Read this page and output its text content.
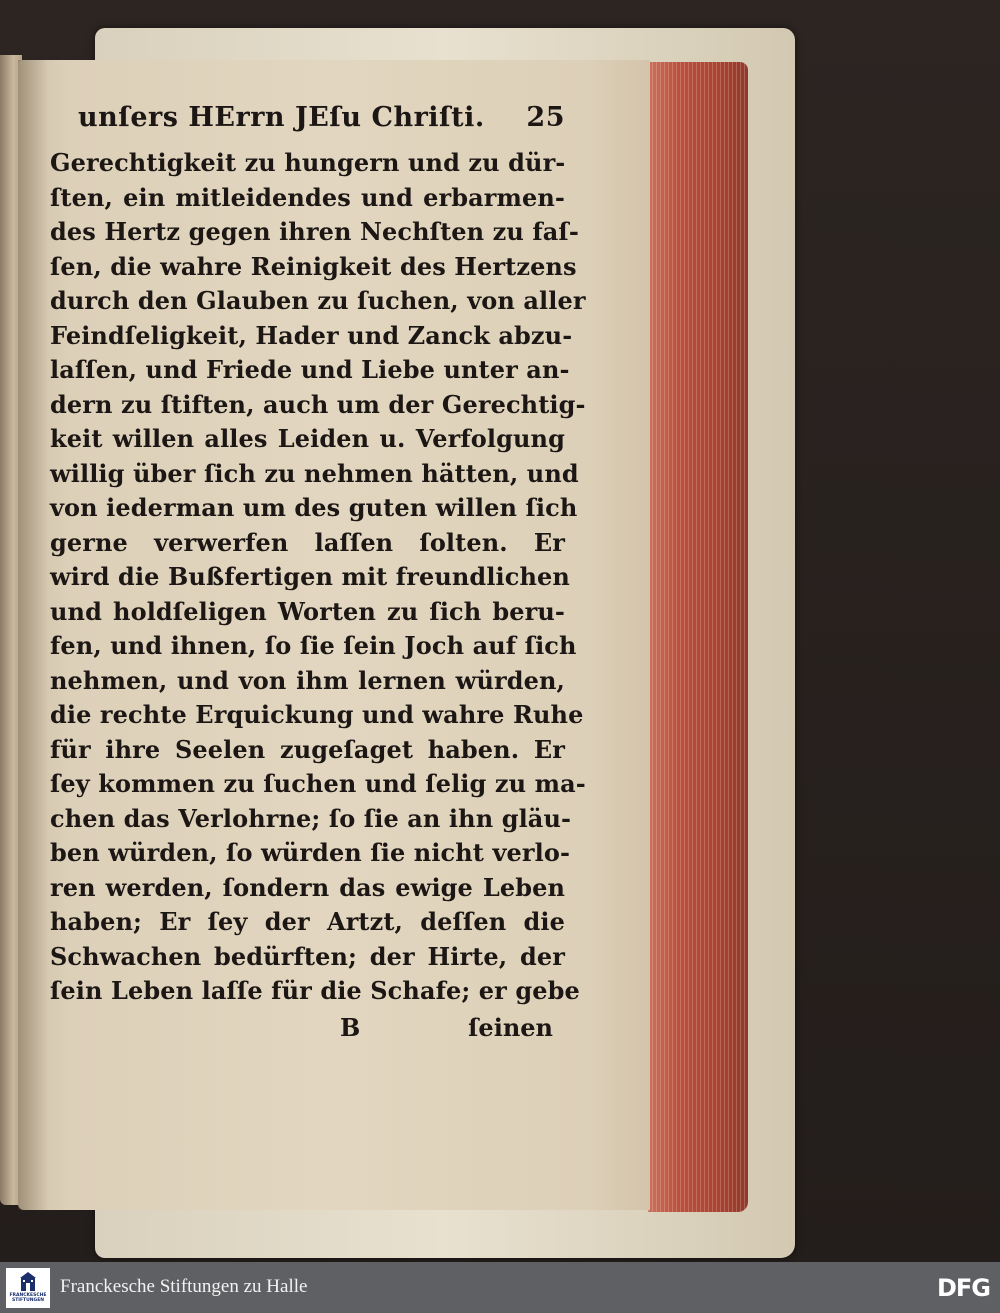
unſers HErrn JEſu Chriſti. 25
Gerechtigkeit zu hungern und zu dür-
ſten, ein mitleidendes und erbarmen-
des Hertz gegen ihren Nechſten zu faſ-
ſen, die wahre Reinigkeit des Hertzens
durch den Glauben zu ſuchen, von aller
Feindſeligkeit, Hader und Zanck abzu-
laſſen, und Friede und Liebe unter an-
dern zu ſtiften, auch um der Gerechtig-
keit willen alles Leiden u. Verfolgung
willig über ſich zu nehmen hätten, und
von iederman um des guten willen ſich
gerne verwerfen laſſen ſolten. Er
wird die Bußfertigen mit freundlichen
und holdſeligen Worten zu ſich beru-
fen, und ihnen, ſo ſie ſein Joch auf ſich
nehmen, und von ihm lernen würden,
die rechte Erquickung und wahre Ruhe
für ihre Seelen zugeſaget haben. Er
ſey kommen zu ſuchen und ſelig zu ma-
chen das Verlohrne; ſo ſie an ihn gläu-
ben würden, ſo würden ſie nicht verlo-
ren werden, ſondern das ewige Leben
haben; Er ſey der Artzt, deſſen die
Schwachen bedürften; der Hirte, der
ſein Leben laſſe für die Schafe; er gebe
B	ſeinen
FRANCKESCHE STIFTUNGEN
Franckesche Stiftungen zu Halle	DFG
